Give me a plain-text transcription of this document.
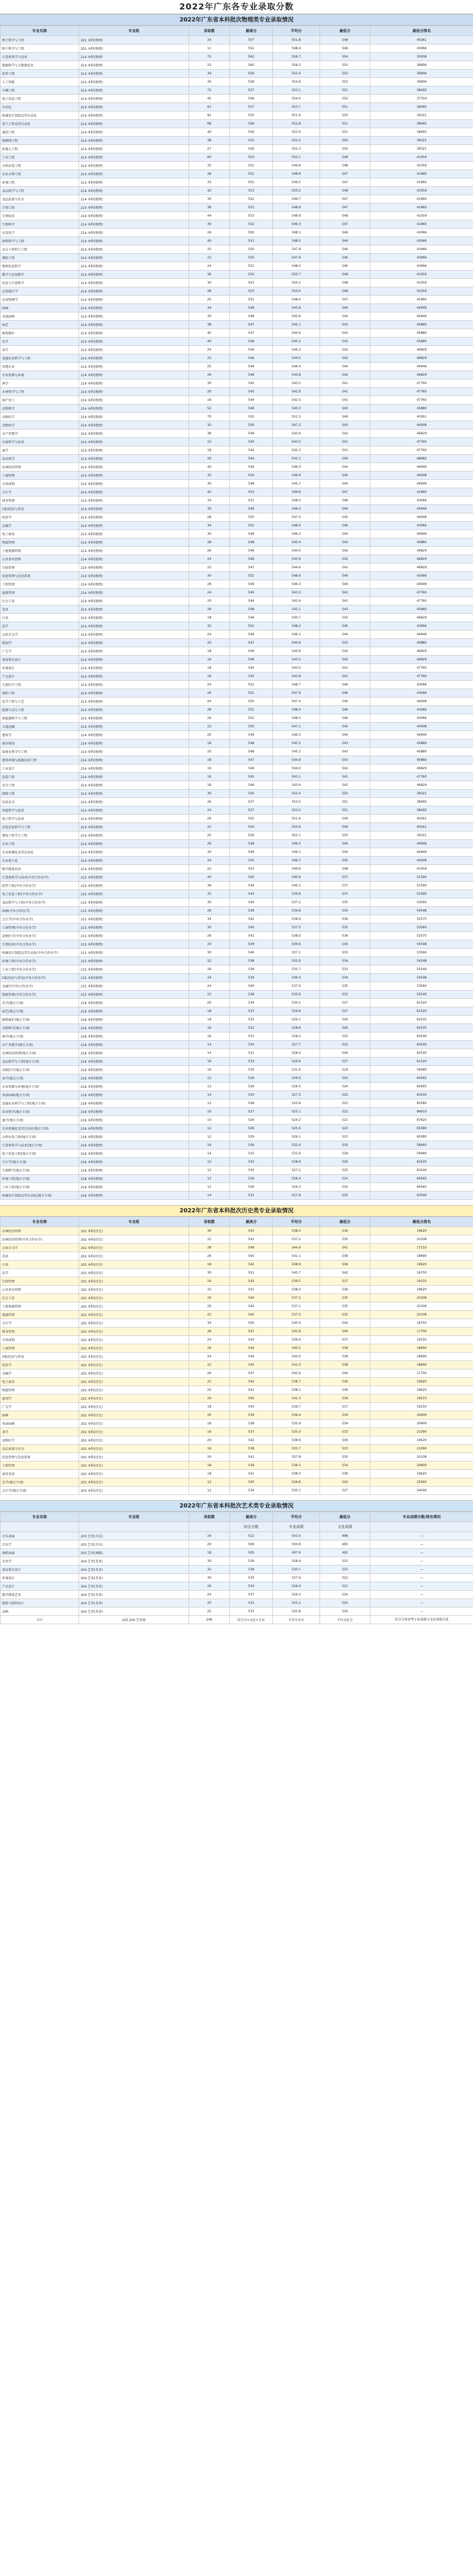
2022年广东各专业录取分数
2022年广东省本科批次物理类专业录取情况
专业名称	专业组	录取数	最高分	平均分	最低分	最低分排名
种子科学与工程	201 本科(物理)	24	557	551.8	549	40261
种子科学与工程	201 本科(物理)	11	552	548.4	546	43066
计算机科学与技术	214 本科(物理)	75	562	556.7	554	35938
数据科学与大数据技术	214 本科(物理)	23	560	556.2	553	36906
软件工程	214 本科(物理)	34	559	555.4	553	36906
人工智能	214 本科(物理)	30	558	554.9	553	36906
车辆工程	214 本科(物理)	72	557	553.1	551	38495
电子信息工程	214 本科(物理)	45	558	554.0	552	37704
自动化	214 本科(物理)	61	557	553.7	551	38495
机械设计制造及其自动化	214 本科(物理)	92	555	551.9	550	39321
电气工程及其自动化	214 本科(物理)	68	556	552.8	551	38495
通信工程	214 本科(物理)	40	556	552.9	551	38495
物联网工程	214 本科(物理)	38	555	552.0	550	39321
机器人工程	214 本科(物理)	27	556	552.3	550	39321
土木工程	214 本科(物理)	60	553	550.1	548	41059
水利水电工程	214 本科(物理)	35	552	549.6	548	41059
农业水利工程	214 本科(物理)	28	551	548.8	547	41960
环境工程	214 本科(物理)	33	552	549.5	547	41960
食品科学与工程	214 本科(物理)	42	553	550.2	548	41059
食品质量与安全	214 本科(物理)	30	552	549.7	547	41960
生物工程	214 本科(物理)	36	551	548.9	547	41960
生物技术	214 本科(物理)	44	553	549.9	548	41059
生物科学	214 本科(物理)	30	552	549.3	547	41960
应用化学	214 本科(物理)	26	550	548.1	546	43066
材料科学与工程	214 本科(物理)	40	551	548.5	546	43066
高分子材料与工程	214 本科(物理)	25	550	547.8	546	43066
测绘工程	214 本科(物理)	22	550	547.6	546	43066
地理信息科学	214 本科(物理)	24	551	548.0	546	43066
数学与应用数学	214 本科(物理)	36	554	550.7	548	41059
信息与计算科学	214 本科(物理)	30	553	550.2	548	41059
应用统计学	214 本科(物理)	28	553	550.0	548	41059
应用物理学	214 本科(物理)	20	551	548.4	547	41960
园林	214 本科(物理)	34	548	545.8	544	44949
风景园林	214 本科(物理)	30	548	545.6	544	44949
园艺	214 本科(物理)	38	547	545.1	543	45880
植物保护	214 本科(物理)	45	547	544.9	543	45880
农学	214 本科(物理)	40	548	545.2	543	45880
茶学	214 本科(物理)	24	546	544.3	542	46829
设施农业科学与工程	214 本科(物理)	22	546	544.0	542	46829
智慧农业	214 本科(物理)	25	549	546.4	544	44949
农业资源与环境	214 本科(物理)	26	546	543.8	542	46829
林学	214 本科(物理)	30	545	543.2	541	47760
木材科学与工程	214 本科(物理)	20	545	542.9	541	47760
林产化工	214 本科(物理)	18	544	542.5	541	47760
动物科学	214 本科(物理)	52	548	545.0	543	45880
动物医学	214 本科(物理)	70	555	551.3	549	40261
动物药学	214 本科(物理)	32	550	547.2	545	44008
水产养殖学	214 本科(物理)	38	546	543.6	542	46829
水族科学与技术	214 本科(物理)	22	545	543.0	541	47760
蚕学	214 本科(物理)	18	544	542.3	541	47760
草业科学	214 本科(物理)	20	544	542.1	540	48682
农林经济管理	214 本科(物理)	40	549	546.0	544	44949
工商管理	214 本科(物理)	35	550	546.9	545	44008
市场营销	214 本科(物理)	30	548	545.7	544	44949
会计学	214 本科(物理)	42	553	549.8	547	41960
财务管理	214 本科(物理)	34	551	548.3	546	43066
国际经济与贸易	214 本科(物理)	30	549	546.5	544	44949
经济学	214 本科(物理)	28	550	547.0	545	44008
金融学	214 本科(物理)	34	552	548.9	546	43066
电子商务	214 本科(物理)	30	549	546.2	544	44949
物流管理	214 本科(物理)	28	548	545.4	543	45880
土地资源管理	214 本科(物理)	26	546	544.0	542	46829
公共事业管理	214 本科(物理)	24	546	543.9	542	46829
行政管理	214 本科(物理)	22	547	544.4	542	46829
信息管理与信息系统	214 本科(物理)	30	552	548.6	546	43066
工程管理	214 本科(物理)	28	549	546.3	544	44949
旅游管理	214 本科(物理)	24	545	543.3	541	47760
社会工作	214 本科(物理)	20	544	542.4	541	47760
英语	214 本科(物理)	26	548	545.1	543	45880
日语	214 本科(物理)	18	546	543.7	542	46829
法学	214 本科(物理)	32	552	548.2	546	43066
汉语言文学	214 本科(物理)	24	549	546.1	544	44949
新闻学	214 本科(物理)	20	547	544.6	543	45880
广告学	214 本科(物理)	18	546	543.9	542	46829
视觉传达设计	214 本科(物理)	16	546	543.5	542	46829
环境设计	214 本科(物理)	18	545	543.0	541	47760
产品设计	214 本科(物理)	16	545	542.8	541	47760
生物医学工程	214 本科(物理)	24	552	548.7	546	43066
制药工程	214 本科(物理)	26	551	547.9	546	43066
化学工程与工艺	214 本科(物理)	24	550	547.4	545	44008
能源与动力工程	214 本科(物理)	28	551	548.0	546	43066
新能源科学与工程	214 本科(物理)	26	552	548.5	546	43066
交通运输	214 本科(物理)	22	550	547.1	545	44008
建筑学	214 本科(物理)	20	549	546.3	544	44949
城乡规划	214 本科(物理)	18	548	545.5	543	45880
给排水科学与工程	214 本科(物理)	20	548	545.2	543	45880
建筑环境与能源应用工程	214 本科(物理)	18	547	544.8	543	45880
工业设计	214 本科(物理)	16	546	544.0	542	46829
包装工程	214 本科(物理)	16	545	543.1	541	47760
安全工程	214 本科(物理)	18	546	543.6	542	46829
网络工程	214 本科(物理)	30	556	552.4	550	39321
信息安全	214 本科(物理)	26	557	553.0	551	38495
智能科学与技术	214 本科(物理)	24	557	553.2	551	38495
电子科学与技术	214 本科(物理)	26	555	551.6	549	40261
光电信息科学与工程	214 本科(物理)	22	554	550.9	549	40261
微电子科学与工程	214 本科(物理)	20	556	552.1	550	39321
农业工程	214 本科(物理)	26	549	546.0	544	44949
农业机械化及其自动化	214 本科(物理)	30	549	546.1	544	44949
农业电气化	214 本科(物理)	24	550	546.7	545	44008
数字媒体技术	214 本科(物理)	22	553	549.8	548	41059
计算机科学与技术(中外合作办学)	215 本科(物理)	40	545	540.6	537	51590
软件工程(中外合作办学)	215 本科(物理)	36	544	540.1	537	51590
电子信息工程(中外合作办学)	215 本科(物理)	32	543	539.8	537	51590
食品科学与工程(中外合作办学)	215 本科(物理)	30	540	537.2	535	53560
园林(中外合作办学)	215 本科(物理)	28	539	536.8	534	54548
会计学(中外合作办学)	215 本科(物理)	34	542	538.9	536	52575
工商管理(中外合作办学)	215 本科(物理)	30	540	537.5	535	53560
动物医学(中外合作办学)	215 本科(物理)	26	541	538.0	536	52575
生物技术(中外合作办学)	215 本科(物理)	24	539	536.6	534	54548
机械设计制造及其自动化(中外合作办学)	215 本科(物理)	30	540	537.1	535	53560
环境工程(中外合作办学)	215 本科(物理)	22	538	535.9	534	54548
土木工程(中外合作办学)	215 本科(物理)	26	538	535.7	533	55540
国际经济与贸易(中外合作办学)	215 本科(物理)	24	539	536.4	534	54548
金融学(中外合作办学)	215 本科(物理)	24	540	537.0	535	53560
物流管理(中外合作办学)	215 本科(物理)	22	538	535.6	533	55540
农学(地方专项)	216 本科(物理)	20	534	530.2	527	61520
园艺(地方专项)	216 本科(物理)	18	533	529.6	527	61520
植物保护(地方专项)	216 本科(物理)	18	532	529.1	526	62535
动物科学(地方专项)	216 本科(物理)	16	532	528.8	526	62535
林学(地方专项)	216 本科(物理)	16	531	528.2	525	63540
水产养殖学(地方专项)	216 本科(物理)	14	530	527.7	525	63540
农林经济管理(地方专项)	216 本科(物理)	14	531	528.4	526	62535
食品科学与工程(地方专项)	216 本科(物理)	16	533	529.9	527	61520
动物医学(地方专项)	216 本科(物理)	16	535	531.6	529	59480
茶学(地方专项)	216 本科(物理)	12	529	526.9	524	64565
农业资源与环境(地方专项)	216 本科(物理)	12	529	526.5	524	64565
风景园林(地方专项)	216 本科(物理)	14	530	527.3	525	63540
设施农业科学与工程(地方专项)	216 本科(物理)	12	528	525.8	523	65580
草业科学(地方专项)	216 本科(物理)	10	527	525.1	522	66610
蚕学(地方专项)	216 本科(物理)	10	526	524.2	521	67620
农业机械化及其自动化(地方专项)	216 本科(物理)	12	528	525.6	523	65580
水利水电工程(地方专项)	216 本科(物理)	12	529	526.1	523	65580
计算机科学与技术(地方专项)	216 本科(物理)	14	536	532.4	530	58460
电子信息工程(地方专项)	216 本科(物理)	14	535	531.9	529	59480
会计学(地方专项)	216 本科(物理)	12	532	528.6	526	62535
生物科学(地方专项)	216 本科(物理)	12	530	527.2	525	63540
环境工程(地方专项)	216 本科(物理)	12	529	526.4	524	64565
土木工程(地方专项)	216 本科(物理)	12	529	526.2	524	64565
机械设计制造及其自动化(地方专项)	216 本科(物理)	14	531	527.8	525	63540
2022年广东省本科批次历史类专业录取情况
专业名称	专业组	录取数	最高分	平均分	最低分	最低分排名
农林经济管理	202 本科(历史)	30	543	538.4	536	19620
农林经济管理(中外合作办学)	202 本科(历史)	22	541	537.2	535	20108
汉语言文学	202 本科(历史)	28	549	544.6	541	17210
英语	202 本科(历史)	26	545	541.1	538	18690
日语	202 本科(历史)	18	542	538.9	536	19620
法学	202 本科(历史)	30	551	545.7	542	16750
行政管理	202 本科(历史)	24	543	539.5	537	19150
公共事业管理	202 本科(历史)	22	541	538.0	536	19620
社会工作	202 本科(历史)	20	540	537.3	535	20108
土地资源管理	202 本科(历史)	20	540	537.1	535	20108
旅游管理	202 本科(历史)	22	540	537.0	535	20108
会计学	202 本科(历史)	34	550	545.0	542	16750
财务管理	202 本科(历史)	28	547	542.8	540	17700
市场营销	202 本科(历史)	24	543	539.4	537	19150
工商管理	202 本科(历史)	26	544	540.2	538	18690
国际经济与贸易	202 本科(历史)	24	544	540.0	538	18690
经济学	202 本科(历史)	22	545	541.0	538	18690
金融学	202 本科(历史)	26	547	542.6	540	17700
电子商务	202 本科(历史)	22	542	538.7	536	19620
物流管理	202 本科(历史)	20	541	538.1	536	19620
新闻学	202 本科(历史)	20	545	541.3	539	18210
广告学	202 本科(历史)	18	543	539.7	537	19150
园林	202 本科(历史)	20	539	536.4	534	20600
风景园林	202 本科(历史)	18	538	535.9	534	20600
茶学	202 本科(历史)	16	537	535.0	533	21090
动物医学	202 本科(历史)	20	542	538.6	536	19620
食品质量与安全	202 本科(历史)	16	538	535.7	533	21090
信息管理与信息系统	202 本科(历史)	20	541	537.8	535	20108
工程管理	202 本科(历史)	18	539	536.5	534	20600
商务英语	202 本科(历史)	18	541	538.0	536	19620
农学(地方专项)	203 本科(历史)	12	530	526.8	524	25560
会计学(地方专项)	203 本科(历史)	12	534	530.1	527	24040
2022年广东省本科批次艺术类专业录取情况
专业名称	专业组	录取数	最高分	平均分	最低分	专业成绩分数/排名情况
			综合分数	专业成绩	文化成绩	
音乐表演	203 艺术(音乐)	24	512	503.4	498	—
音乐学	203 艺术(音乐)	20	508	500.8	495	—
舞蹈表演	203 艺术(舞蹈)	18	505	497.6	492	—
美术学	204 艺术(美术)	30	536	528.4	523	—
视觉传达设计	204 艺术(美术)	32	538	530.1	525	—
环境设计	204 艺术(美术)	30	535	527.6	522	—
产品设计	204 艺术(美术)	26	534	526.9	521	—
数字媒体艺术	204 艺术(美术)	24	537	529.3	524	—
服装与服饰设计	204 艺术(美术)	20	532	525.2	520	—
动画	204 艺术(美术)	22	533	525.8	520	—
合计	203-204 艺术类	246	综合分=文化+专业	平均专业分	平均文化分	综合分按省考专业成绩与文化成绩合成
